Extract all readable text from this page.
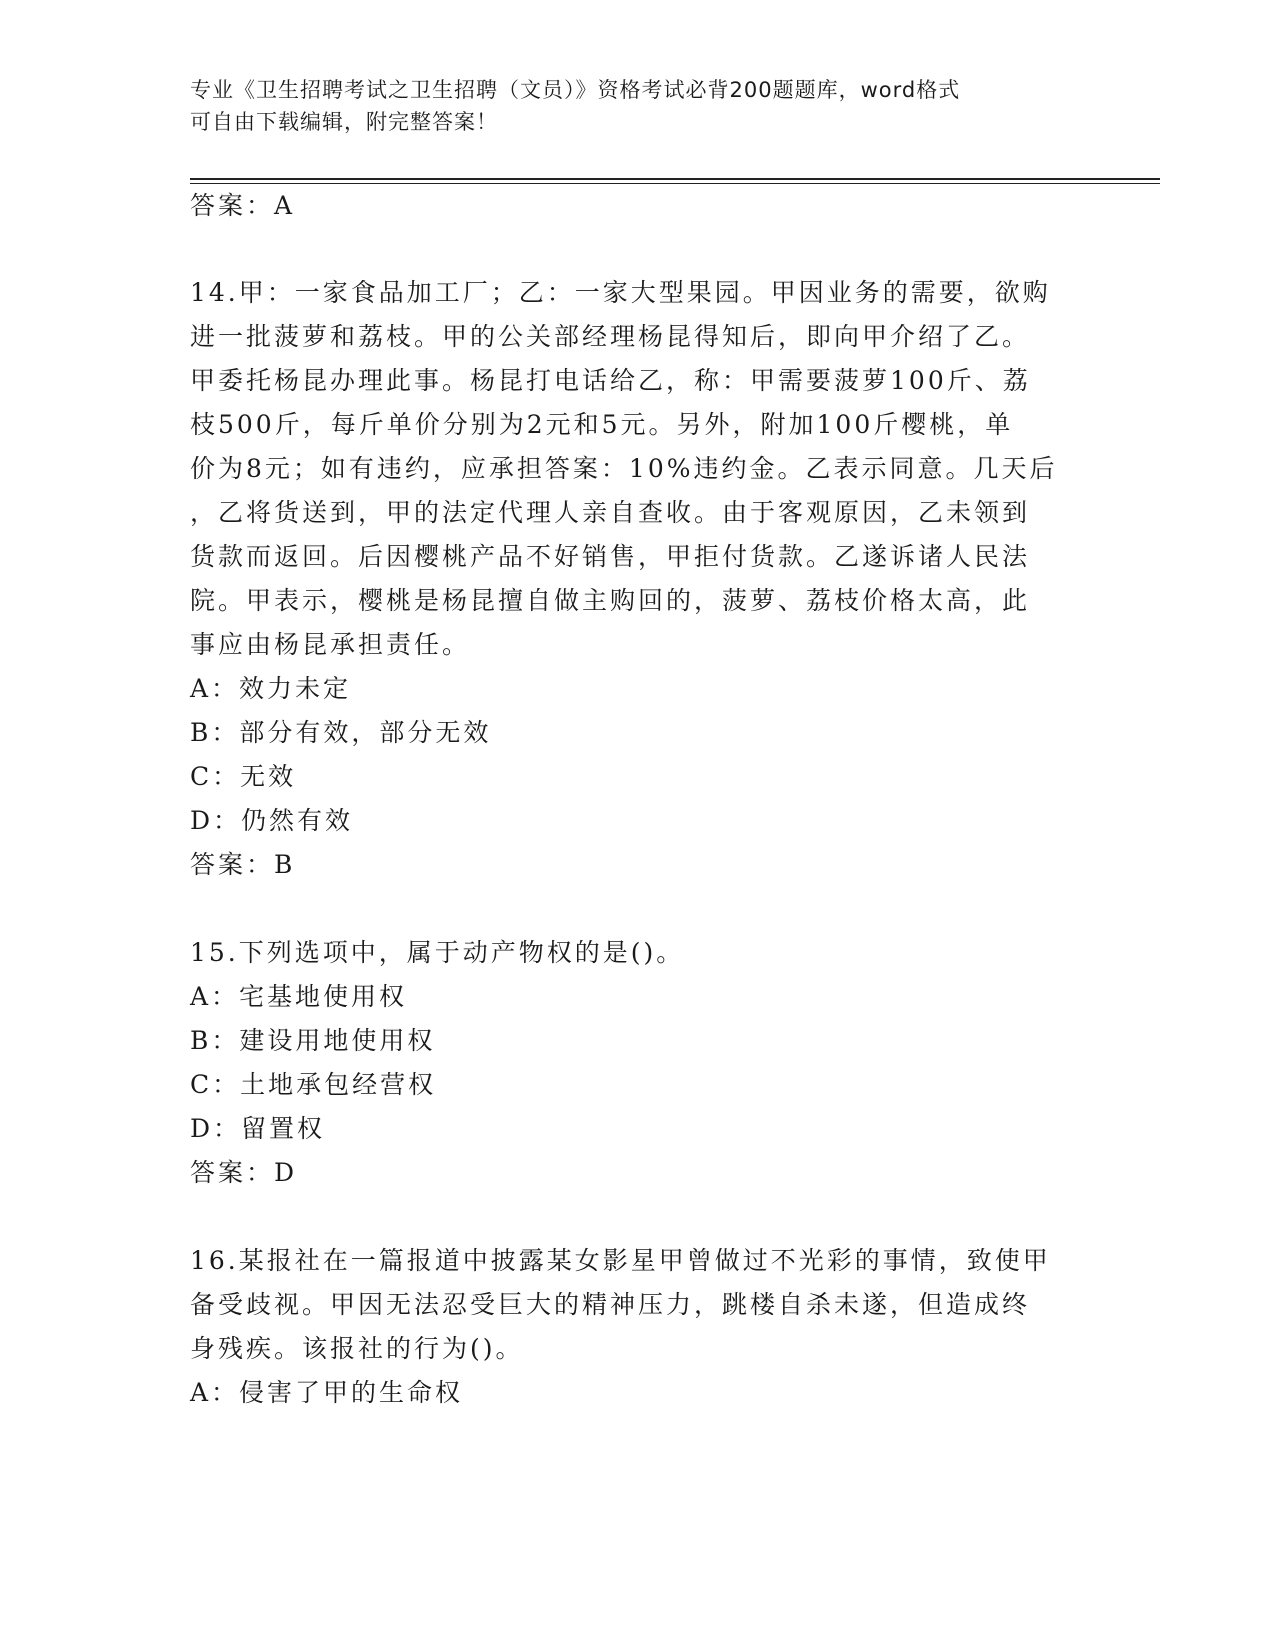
专业《卫生招聘考试之卫生招聘（文员）》资格考试必背200题题库，word格式
可自由下载编辑，附完整答案！
答案：A
14.甲：一家食品加工厂；乙：一家大型果园。甲因业务的需要，欲购
进一批菠萝和荔枝。甲的公关部经理杨昆得知后，即向甲介绍了乙。
甲委托杨昆办理此事。杨昆打电话给乙，称：甲需要菠萝100斤、荔
枝500斤，每斤单价分别为2元和5元。另外，附加100斤樱桃，单
价为8元；如有违约，应承担答案：10%违约金。乙表示同意。几天后
，乙将货送到，甲的法定代理人亲自查收。由于客观原因，乙未领到
货款而返回。后因樱桃产品不好销售，甲拒付货款。乙遂诉诸人民法
院。甲表示，樱桃是杨昆擅自做主购回的，菠萝、荔枝价格太高，此
事应由杨昆承担责任。
A：效力未定
B：部分有效，部分无效
C：无效
D：仍然有效
答案：B
15.下列选项中，属于动产物权的是()。
A：宅基地使用权
B：建设用地使用权
C：土地承包经营权
D：留置权
答案：D
16.某报社在一篇报道中披露某女影星甲曾做过不光彩的事情，致使甲
备受歧视。甲因无法忍受巨大的精神压力，跳楼自杀未遂，但造成终
身残疾。该报社的行为()。
A：侵害了甲的生命权
